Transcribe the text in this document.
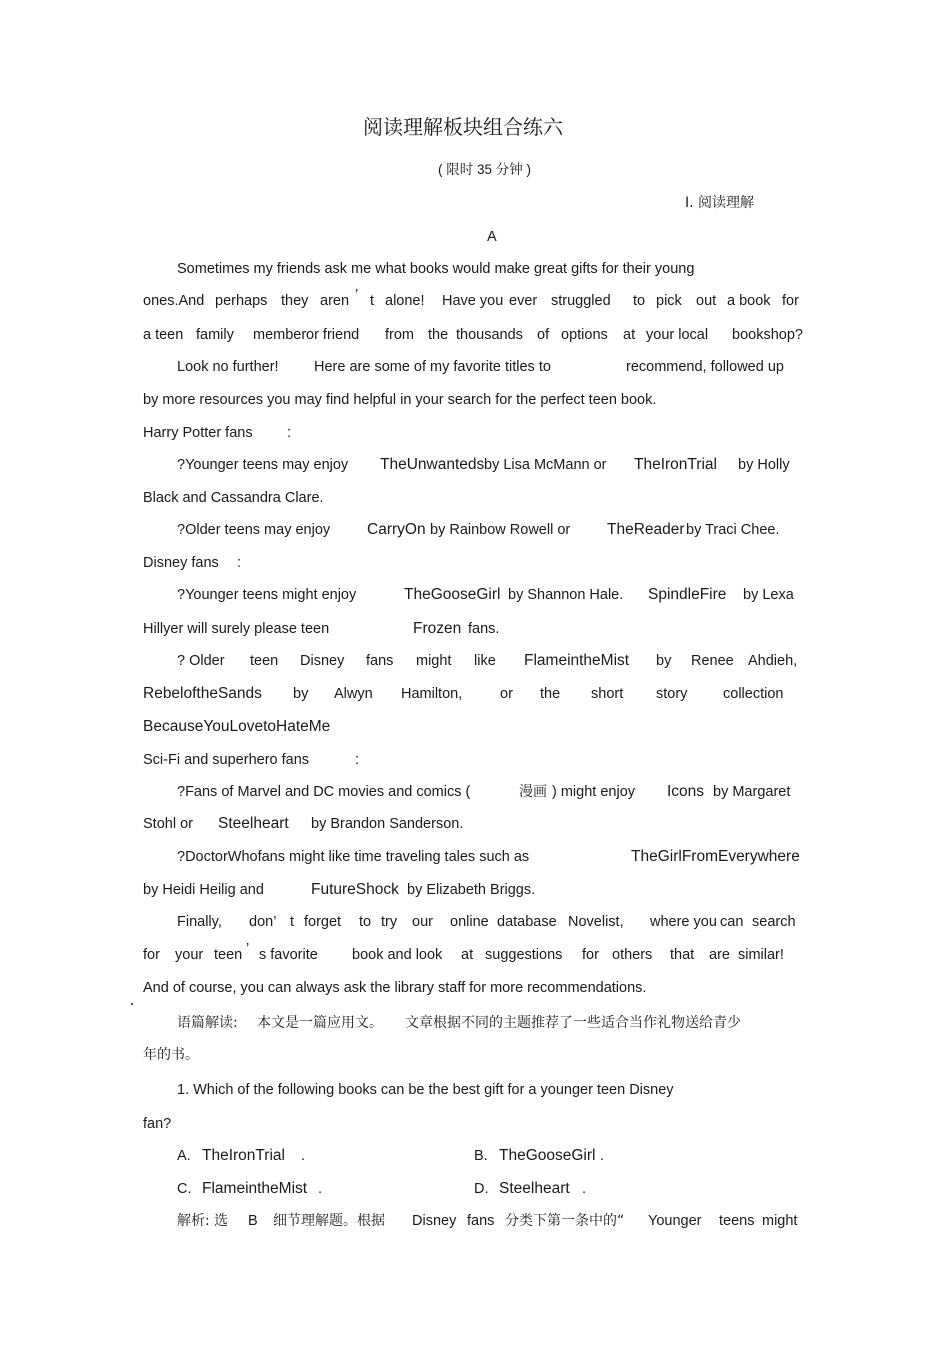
阅读理解板块组合练六
( 限时 35 分钟 )
Ⅰ. 阅读理解
A
Sometimes my friends ask me what books would make great gifts for their young
ones.And perhaps they aren ’ t alone! Have you ever struggled to pick out a book for
a teen family member or friend from the thousands of options at your local bookshop?
Look no further! Here are some of my favorite titles to	recommend, followed up
by more resources you may find helpful in your search for the perfect teen book.
Harry Potter fans :
?Younger teens may enjoy TheUnwanteds by Lisa McMann or TheIronTrial by Holly
Black and Cassandra Clare.
?Older teens may enjoy CarryOn by Rainbow Rowell or TheReader by Traci Chee.
Disney fans :
?Younger teens might enjoy	TheGooseGirl by Shannon Hale. SpindleFire by Lexa
Hillyer will surely please teen	Frozen fans.
? Older teen Disney fans might like FlameintheMist by Renee Ahdieh,
RebeloftheSands by Alwyn Hamilton,	or the short story collection
BecauseYouLovetoHateMe
Sci-Fi and superhero fans	:
?Fans of Marvel and DC movies and comics (	漫画 ) might enjoy Icons by Margaret
Stohl or Steelheart by Brandon Sanderson.
?DoctorWhofans might like time traveling tales such as	TheGirlFromEverywhere
by Heidi Heilig and	FutureShock by Elizabeth Briggs.
Finally, don’ t forget to try our online database Novelist, where you can search
for your teen ’ s favorite book and look at suggestions for others that are similar!
And of course, you can always ask the library staff for more recommendations.
语篇解读: 本文是一篇应用文。 文章根据不同的主题推荐了一些适合当作礼物送给青少
年的书。
1. Which of the following books can be the best gift for a younger teen Disney
fan?
A. TheIronTrial .	B. TheGooseGirl .
C. FlameintheMist .	D. Steelheart .
解析: 选 B 细节理解题。根据 Disney fans 分类下第一条中的“ Younger teens might
